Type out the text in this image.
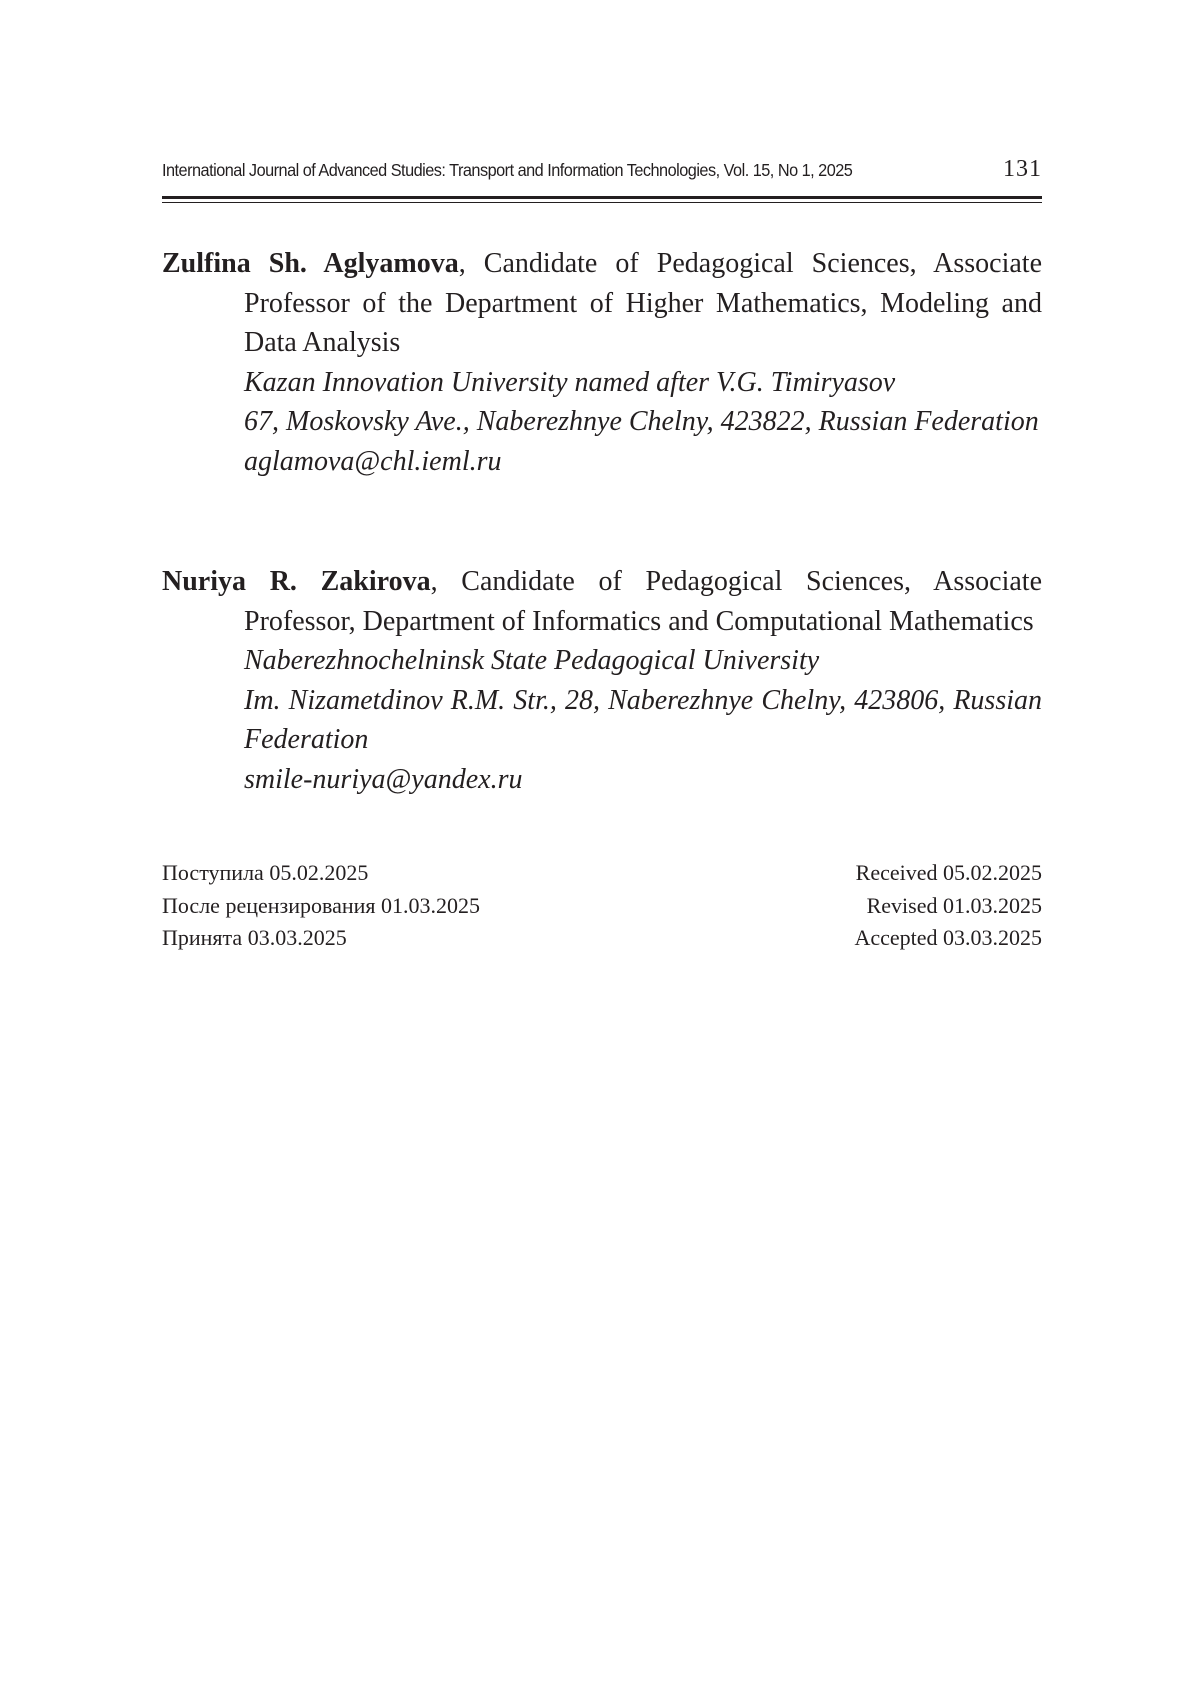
International Journal of Advanced Studies: Transport and Information Technologies, Vol. 15, No 1, 2025	131

Zulfina Sh. Aglyamova, Candidate of Pedagogical Sciences, Associate Professor of the Department of Higher Mathematics, Modeling and Data Analysis

Kazan Innovation University named after V.G. Timiryasov

67, Moskovsky Ave., Naberezhnye Chelny, 423822, Russian Federation

aglamova@chl.ieml.ru

Nuriya R. Zakirova, Candidate of Pedagogical Sciences, Associate Professor, Department of Informatics and Computational Mathematics

Naberezhnochelninsk State Pedagogical University

Im. Nizametdinov R.M. Str., 28, Naberezhnye Chelny, 423806, Russian Federation

smile-nuriya@yandex.ru

Поступила 05.02.2025	Received 05.02.2025
После рецензирования 01.03.2025	Revised 01.03.2025
Принята 03.03.2025	Accepted 03.03.2025
